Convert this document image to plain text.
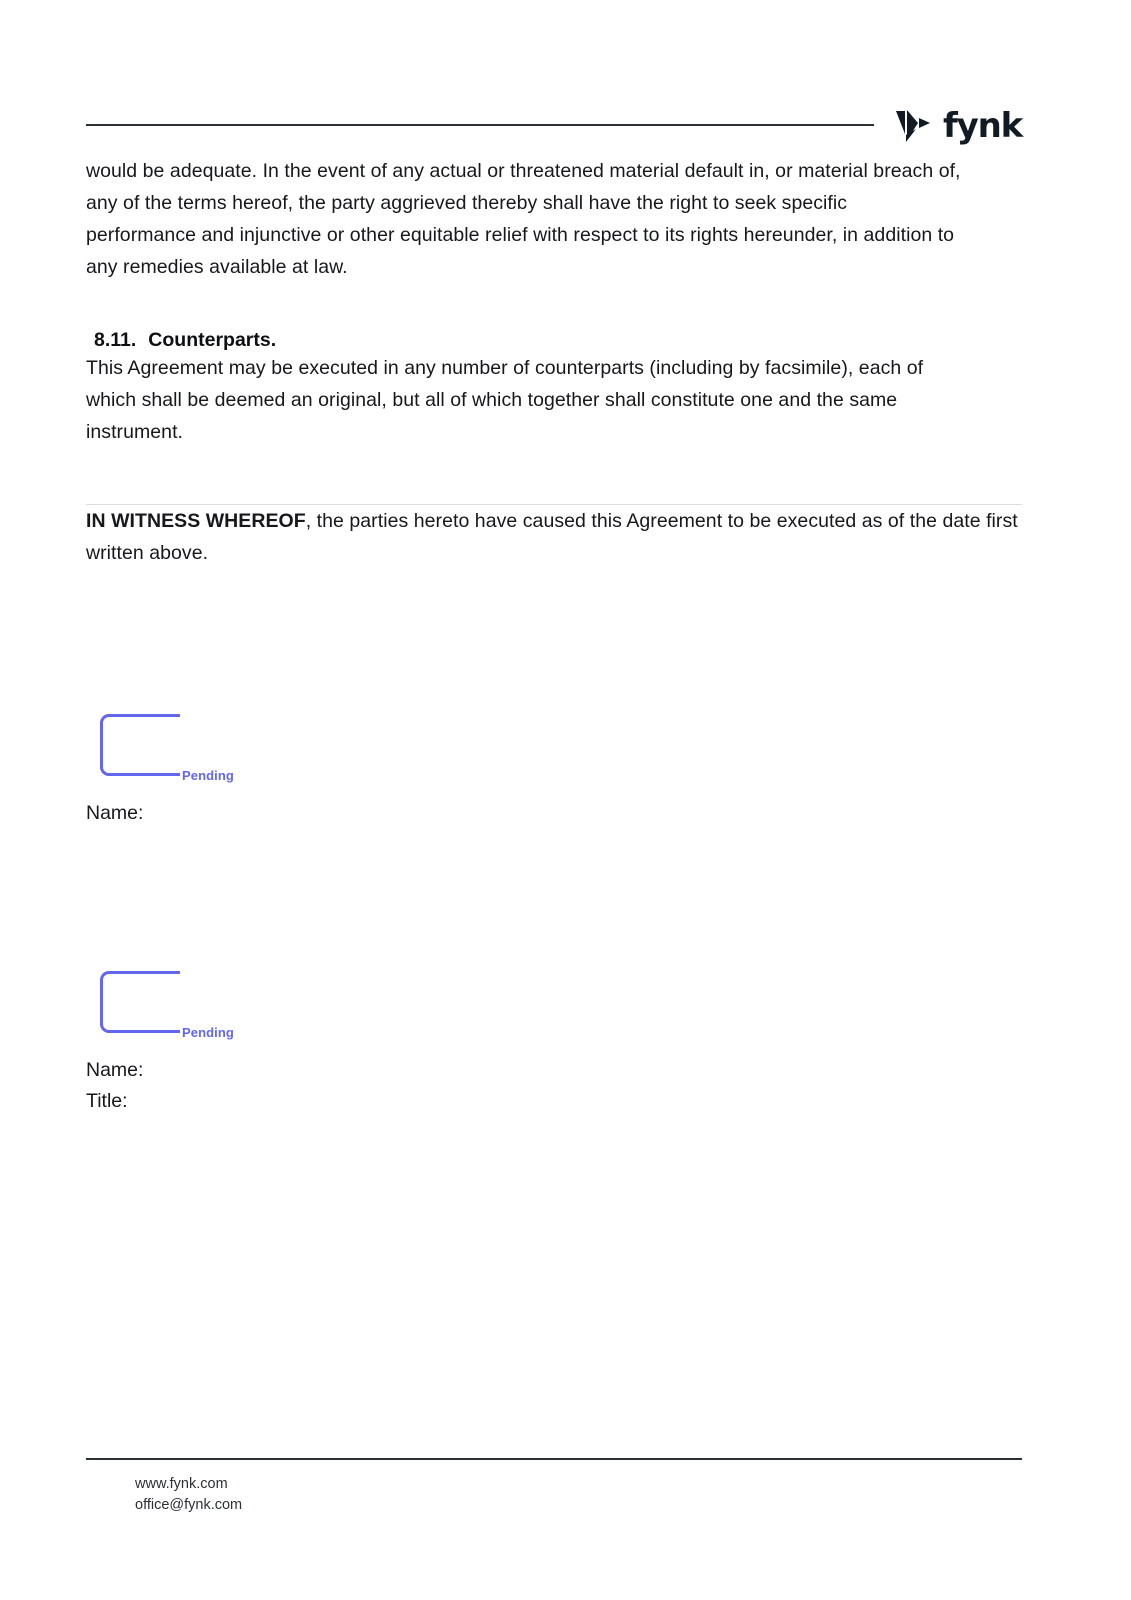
fynk

would be adequate. In the event of any actual or threatened material default in, or material breach of, any of the terms hereof, the party aggrieved thereby shall have the right to seek specific performance and injunctive or other equitable relief with respect to its rights hereunder, in addition to any remedies available at law.

8.11. Counterparts.

This Agreement may be executed in any number of counterparts (including by facsimile), each of which shall be deemed an original, but all of which together shall constitute one and the same instrument.

IN WITNESS WHEREOF, the parties hereto have caused this Agreement to be executed as of the date first written above.

Pending
Name:
Pending
Name:
Title:
www.fynk.com
office@fynk.com
